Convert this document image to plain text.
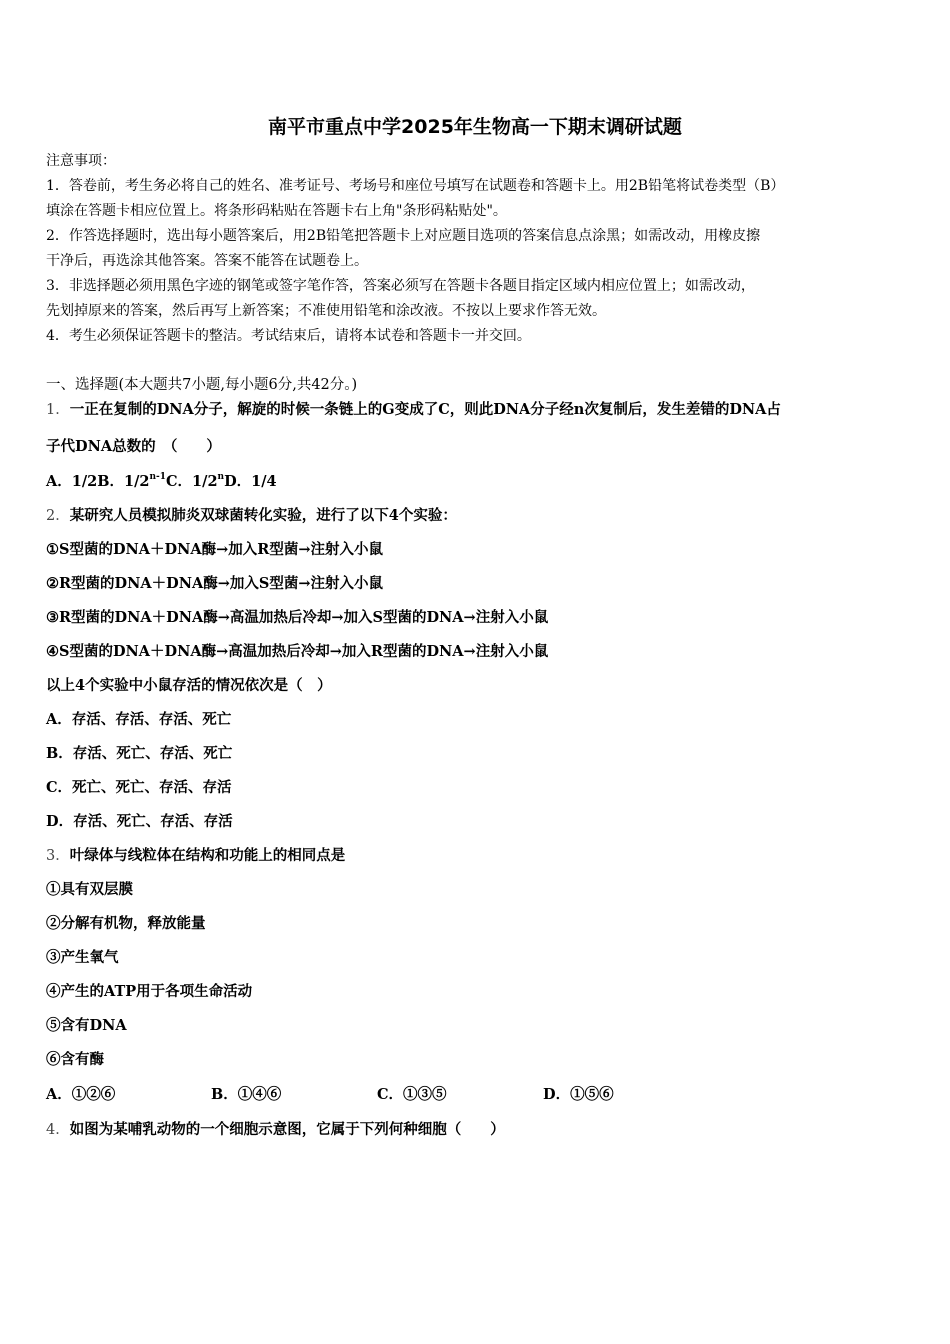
南平市重点中学2025年生物高一下期末调研试题
注意事项：
1．答卷前，考生务必将自己的姓名、准考证号、考场号和座位号填写在试题卷和答题卡上。用2B铅笔将试卷类型（B）
填涂在答题卡相应位置上。将条形码粘贴在答题卡右上角"条形码粘贴处"。
2．作答选择题时，选出每小题答案后，用2B铅笔把答题卡上对应题目选项的答案信息点涂黑；如需改动，用橡皮擦
干净后，再选涂其他答案。答案不能答在试题卷上。
3．非选择题必须用黑色字迹的钢笔或签字笔作答，答案必须写在答题卡各题目指定区域内相应位置上；如需改动，
先划掉原来的答案，然后再写上新答案；不准使用铅笔和涂改液。不按以上要求作答无效。
4．考生必须保证答题卡的整洁。考试结束后，请将本试卷和答题卡一并交回。
一、选择题(本大题共7小题,每小题6分,共42分。)
1．一正在复制的DNA分子，解旋的时候一条链上的G变成了C，则此DNA分子经n次复制后，发生差错的DNA占
子代DNA总数的　（　　）
A．1/2B．1/2$^{n-1}$C．1/2$^n$D．1/4
2．某研究人员模拟肺炎双球菌转化实验，进行了以下4个实验：
①S型菌的DNA＋DNA酶→加入R型菌→注射入小鼠
②R型菌的DNA＋DNA酶→加入S型菌→注射入小鼠
③R型菌的DNA＋DNA酶→高温加热后冷却→加入S型菌的DNA→注射入小鼠
④S型菌的DNA＋DNA酶→高温加热后冷却→加入R型菌的DNA→注射入小鼠
以上4个实验中小鼠存活的情况依次是（　）
A．存活、存活、存活、死亡
B．存活、死亡、存活、死亡
C．死亡、死亡、存活、存活
D．存活、死亡、存活、存活
3．叶绿体与线粒体在结构和功能上的相同点是
①具有双层膜
②分解有机物，释放能量
③产生氧气
④产生的ATP用于各项生命活动
⑤含有DNA
⑥含有酶
A．①②⑥	B．①④⑥	C．①③⑤	D．①⑤⑥
4．如图为某哺乳动物的一个细胞示意图，它属于下列何种细胞（　　）
